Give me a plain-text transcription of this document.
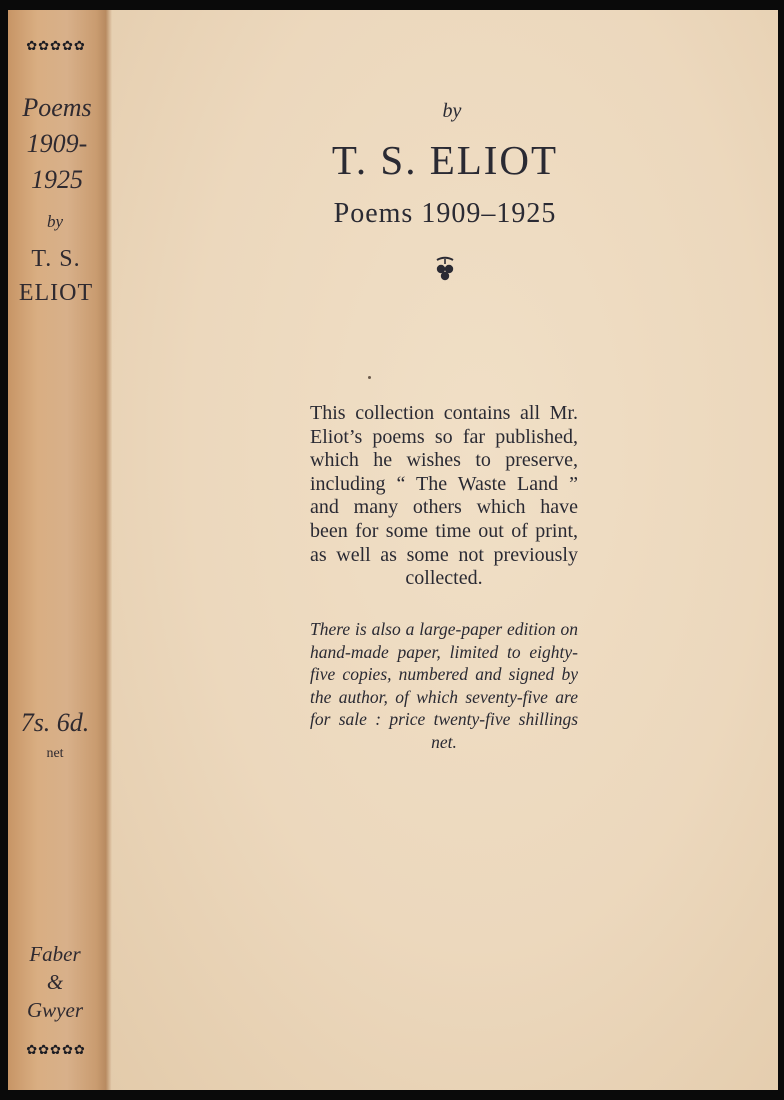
✿✿✿✿✿
Poems
1909-
1925
by
T. S.
ELIOT
7s. 6d.
net
Faber
&
Gwyer
✿✿✿✿✿
by
T. S. ELIOT
Poems 1909–1925
This collection contains all Mr. Eliot’s poems so far published, which he wishes to preserve, including “ The Waste Land ” and many others which have been for some time out of print, as well as some not previously collected.
There is also a large-paper edition on hand-made paper, limited to eighty-five copies, numbered and signed by the author, of which seventy-five are for sale : price twenty-five shillings net.
